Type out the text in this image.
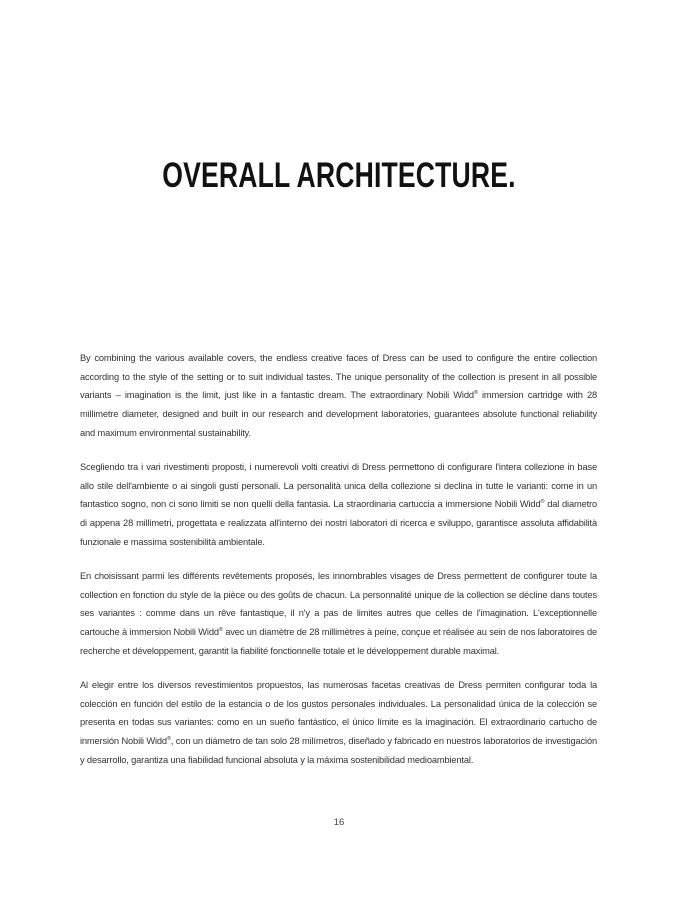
OVERALL ARCHITECTURE.

By combining the various available covers, the endless creative faces of Dress can be used to configure the entire collection according to the style of the setting or to suit individual tastes. The unique personality of the collection is present in all possible variants – imagination is the limit, just like in a fantastic dream. The extraordinary Nobili Widd® immersion cartridge with 28 millimetre diameter, designed and built in our research and development laboratories, guarantees absolute functional reliability and maximum environmental sustainability.

Scegliendo tra i vari rivestimenti proposti, i numerevoli volti creativi di Dress permettono di configurare l'intera collezione in base allo stile dell'ambiente o ai singoli gusti personali. La personalità unica della collezione si declina in tutte le varianti: come in un fantastico sogno, non ci sono limiti se non quelli della fantasia. La straordinaria cartuccia a immersione Nobili Widd® dal diametro di appena 28 millimetri, progettata e realizzata all'interno dei nostri laboratori di ricerca e sviluppo, garantisce assoluta affidabilità funzionale e massima sostenibilità ambientale.

En choisissant parmi les différents revêtements proposés, les innombrables visages de Dress permettent de configurer toute la collection en fonction du style de la pièce ou des goûts de chacun. La personnalité unique de la collection se décline dans toutes ses variantes : comme dans un rêve fantastique, il n'y a pas de limites autres que celles de l'imagination. L'exceptionnelle cartouche à immersion Nobili Widd® avec un diamètre de 28 millimètres à peine, conçue et réalisée au sein de nos laboratoires de recherche et développement, garantit la fiabilité fonctionnelle totale et le développement durable maximal.

Al elegir entre los diversos revestimientos propuestos, las numerosas facetas creativas de Dress permiten configurar toda la colección en función del estilo de la estancia o de los gustos personales individuales. La personalidad única de la colección se presenta en todas sus variantes: como en un sueño fantástico, el único límite es la imaginación. El extraordinario cartucho de inmersión Nobili Widd®, con un diámetro de tan solo 28 milímetros, diseñado y fabricado en nuestros laboratorios de investigación y desarrollo, garantiza una fiabilidad funcional absoluta y la máxima sostenibilidad medioambiental.

16
